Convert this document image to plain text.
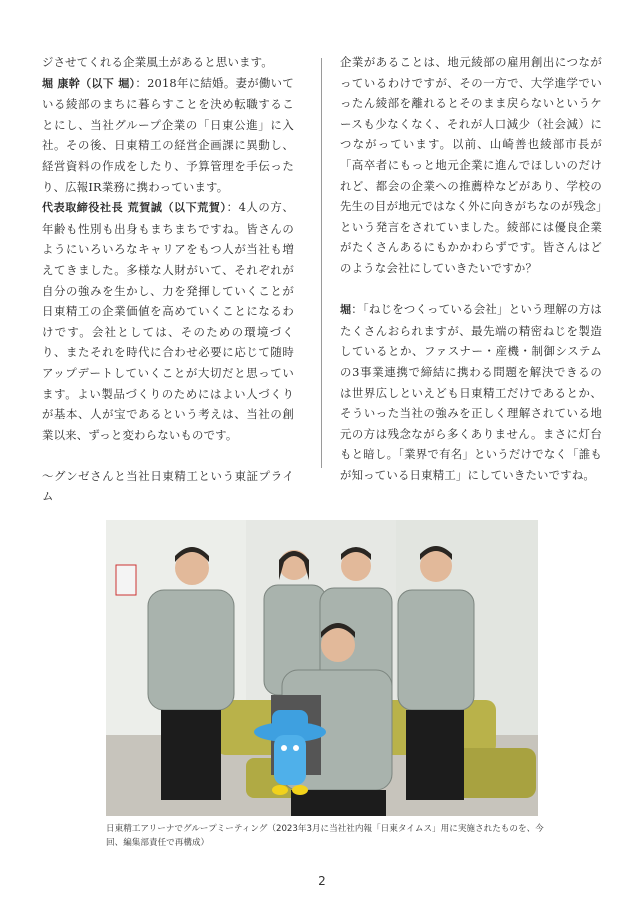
ジさせてくれる企業風土があると思います。

堀 康幹（以下 堀）：2018年に結婚。妻が働いている綾部のまちに暮らすことを決め転職することにし、当社グループ企業の「日東公進」に入社。その後、日東精工の経営企画課に異動し、経営資料の作成をしたり、予算管理を手伝ったり、広報IR業務に携わっています。

代表取締役社長 荒賀誠（以下荒賀）：4人の方、年齢も性別も出身もまちまちですね。皆さんのようにいろいろなキャリアをもつ人が当社も増えてきました。多様な人財がいて、それぞれが自分の強みを生かし、力を発揮していくことが日東精工の企業価値を高めていくことになるわけです。会社としては、そのための環境づくり、またそれを時代に合わせ必要に応じて随時アップデートしていくことが大切だと思っています。よい製品づくりのためにはよい人づくりが基本、人が宝であるという考えは、当社の創業以来、ずっと変わらないものです。

〜グンゼさんと当社日東精工という東証プライム

企業があることは、地元綾部の雇用創出につながっているわけですが、その一方で、大学進学でいったん綾部を離れるとそのまま戻らないというケースも少なくなく、それが人口減少（社会減）につながっています。以前、山崎善也綾部市長が「高卒者にもっと地元企業に進んでほしいのだけれど、都会の企業への推薦枠などがあり、学校の先生の目が地元ではなく外に向きがちなのが残念」という発言をされていました。綾部には優良企業がたくさんあるにもかかわらずです。皆さんはどのような会社にしていきたいですか？

堀：「ねじをつくっている会社」という理解の方はたくさんおられますが、最先端の精密ねじを製造しているとか、ファスナー・産機・制御システムの3事業連携で締結に携わる問題を解決できるのは世界広しといえども日東精工だけであるとか、そういった当社の強みを正しく理解されている地元の方は残念ながら多くありません。まさに灯台もと暗し。「業界で有名」というだけでなく「誰もが知っている日東精工」にしていきたいですね。

日東精工アリーナでグループミーティング（2023年3月に当社社内報「日東タイムス」用に実施されたものを、今回、編集部責任で再構成）
2
